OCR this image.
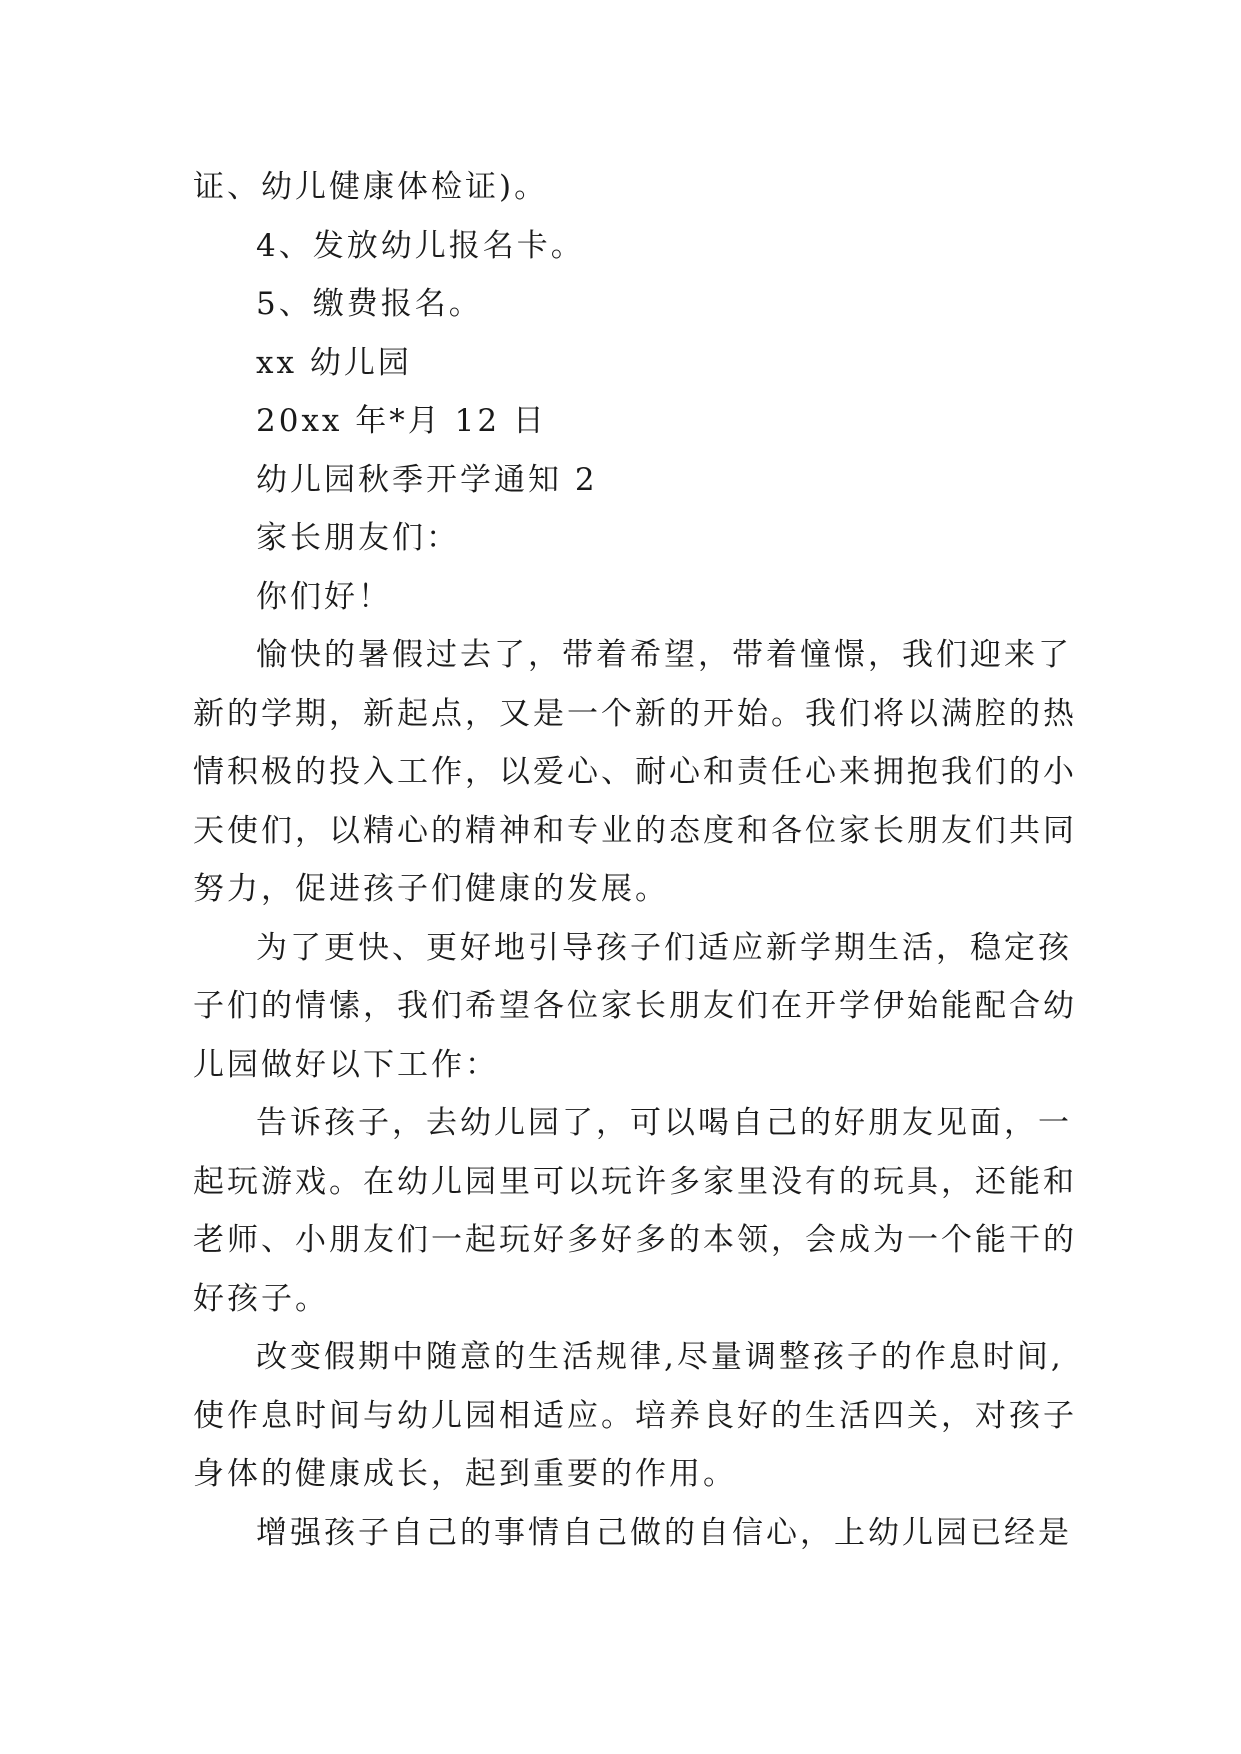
证、幼儿健康体检证)。
4、发放幼儿报名卡。
5、缴费报名。
xx 幼儿园
20xx 年*月 12 日
幼儿园秋季开学通知 2
家长朋友们：
你们好！
愉快的暑假过去了，带着希望，带着憧憬，我们迎来了
新的学期，新起点，又是一个新的开始。我们将以满腔的热
情积极的投入工作，以爱心、耐心和责任心来拥抱我们的小
天使们，以精心的精神和专业的态度和各位家长朋友们共同
努力，促进孩子们健康的发展。
为了更快、更好地引导孩子们适应新学期生活，稳定孩
子们的情愫，我们希望各位家长朋友们在开学伊始能配合幼
儿园做好以下工作：
告诉孩子，去幼儿园了，可以喝自己的好朋友见面，一
起玩游戏。在幼儿园里可以玩许多家里没有的玩具，还能和
老师、小朋友们一起玩好多好多的本领，会成为一个能干的
好孩子。
改变假期中随意的生活规律,尽量调整孩子的作息时间,
使作息时间与幼儿园相适应。培养良好的生活四关，对孩子
身体的健康成长，起到重要的作用。
增强孩子自己的事情自己做的自信心，上幼儿园已经是
